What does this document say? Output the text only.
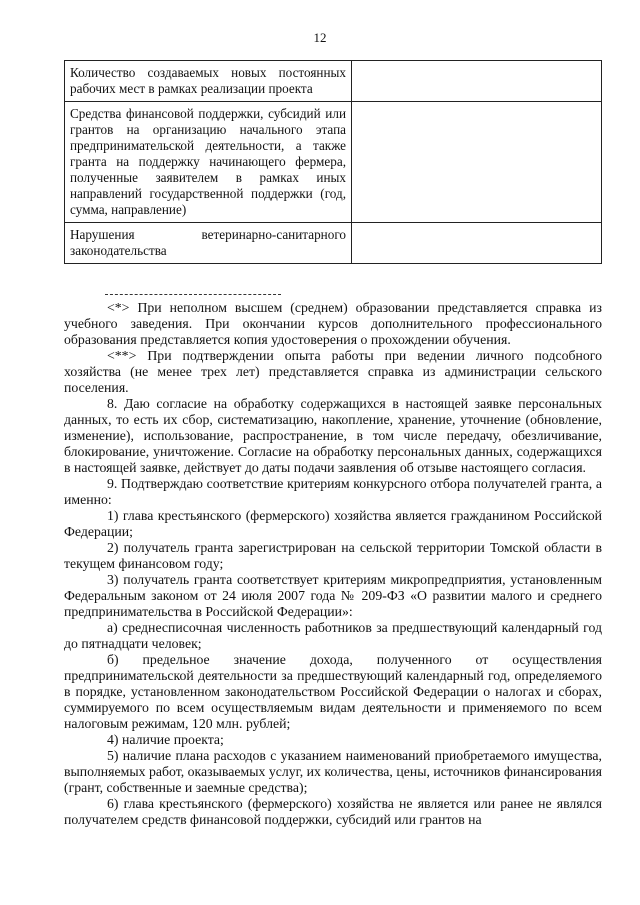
12
Количество создаваемых новых постоянных рабочих мест в рамках реализации проекта	
Средства финансовой поддержки, субсидий или грантов на организацию начального этапа предпринимательской деятельности, а также гранта на поддержку начинающего фермера, полученные заявителем в рамках иных направлений государственной поддержки (год, сумма, направление)	
Нарушения ветеринарно-санитарного законодательства	

<*> При неполном высшем (среднем) образовании представляется справка из учебного заведения. При окончании курсов дополнительного профессионального образования представляется копия удостоверения о прохождении обучения.

<**> При подтверждении опыта работы при ведении личного подсобного хозяйства (не менее трех лет) представляется справка из администрации сельского поселения.

8. Даю согласие на обработку содержащихся в настоящей заявке персональных данных, то есть их сбор, систематизацию, накопление, хранение, уточнение (обновление, изменение), использование, распространение, в том числе передачу, обезличивание, блокирование, уничтожение. Согласие на обработку персональных данных, содержащихся в настоящей заявке, действует до даты подачи заявления об отзыве настоящего согласия.

9. Подтверждаю соответствие критериям конкурсного отбора получателей гранта, а именно:

1) глава крестьянского (фермерского) хозяйства является гражданином Российской Федерации;

2) получатель гранта зарегистрирован на сельской территории Томской области в текущем финансовом году;

3) получатель гранта соответствует критериям микропредприятия, установленным Федеральным законом от 24 июля 2007 года № 209-ФЗ «О развитии малого и среднего предпринимательства в Российской Федерации»:

а) среднесписочная численность работников за предшествующий календарный год до пятнадцати человек;

б) предельное значение дохода, полученного от осуществления предпринимательской деятельности за предшествующий календарный год, определяемого в порядке, установленном законодательством Российской Федерации о налогах и сборах, суммируемого по всем осуществляемым видам деятельности и применяемого по всем налоговым режимам, 120 млн. рублей;

4) наличие проекта;

5) наличие плана расходов с указанием наименований приобретаемого имущества, выполняемых работ, оказываемых услуг, их количества, цены, источников финансирования (грант, собственные и заемные средства);

6) глава крестьянского (фермерского) хозяйства не является или ранее не являлся получателем средств финансовой поддержки, субсидий или грантов на
